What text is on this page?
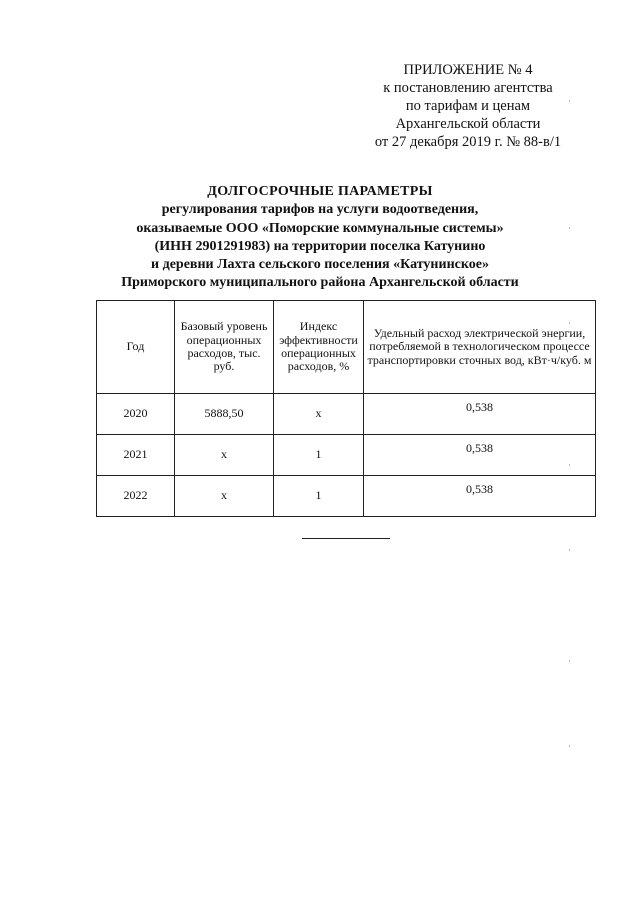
ПРИЛОЖЕНИЕ № 4
к постановлению агентства
по тарифам и ценам
Архангельской области
от 27 декабря 2019 г. № 88-в/1
ДОЛГОСРОЧНЫЕ ПАРАМЕТРЫ
регулирования тарифов на услуги водоотведения,
оказываемые ООО «Поморские коммунальные системы»
(ИНН 2901291983) на территории поселка Катунино
и деревни Лахта сельского поселения «Катунинское»
Приморского муниципального района Архангельской области
Год	Базовый уровень операционных расходов, тыс. руб.	Индекс эффективности операционных расходов, %	Удельный расход электрической энергии, потребляемой в технологическом процессе транспортировки сточных вод, кВт·ч/куб. м
2020	5888,50	х	0,538
2021	х	1	0,538
2022	х	1	0,538
